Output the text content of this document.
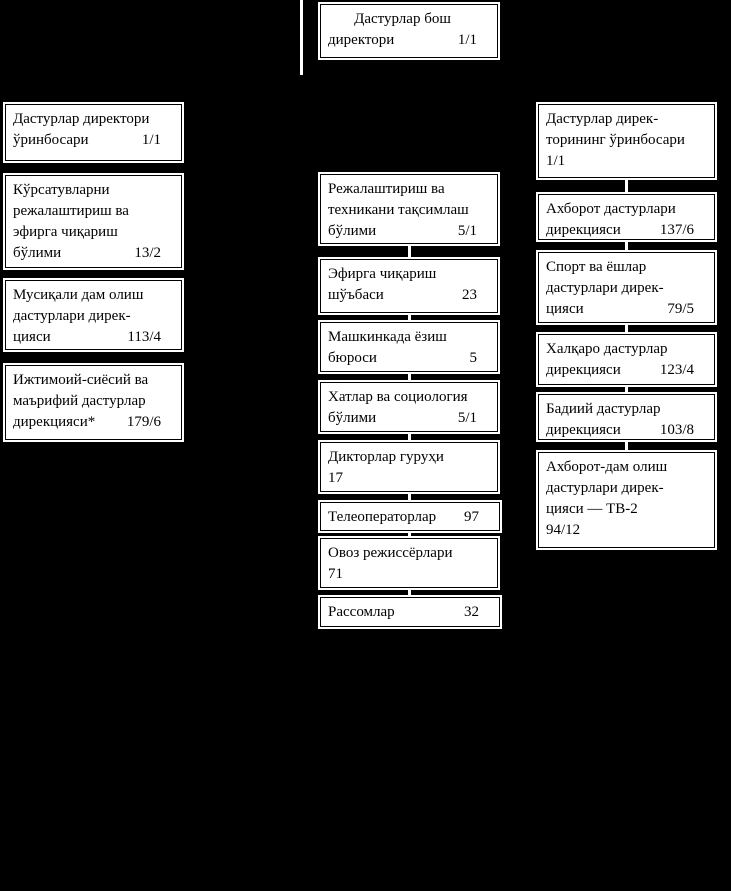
Дастурлар бош
директори	1/1
Дастурлар директори
ўринбосари	1/1
Кўрсатувларни
режалаштириш ва
эфирга чиқариш
бўлими	13/2
Мусиқали дам олиш
дастурлари дирек-
цияси	113/4
Ижтимоий-сиёсий ва
маърифий дастурлар
дирекцияси* 179/6
Режалаштириш ва
техникани тақсимлаш
бўлими	5/1
Эфирга чиқариш
шўъбаси	23
Машкинкада ёзиш
бюроси	5
Хатлар ва социология
бўлими	5/1
Дикторлар гуруҳи
17
Телеоператорлар 97
Овоз режиссёрлари
71
Рассомлар	32
Дастурлар дирек-
торининг ўринбосари
1/1
Ахборот дастурлари
дирекцияси	137/6
Спорт ва ёшлар
дастурлари дирек-
цияси	79/5
Халқаро дастурлар
дирекцияси	123/4
Бадиий дастурлар
дирекцияси	103/8
Ахборот-дам олиш
дастурлари дирек-
цияси — ТВ-2
94/12
